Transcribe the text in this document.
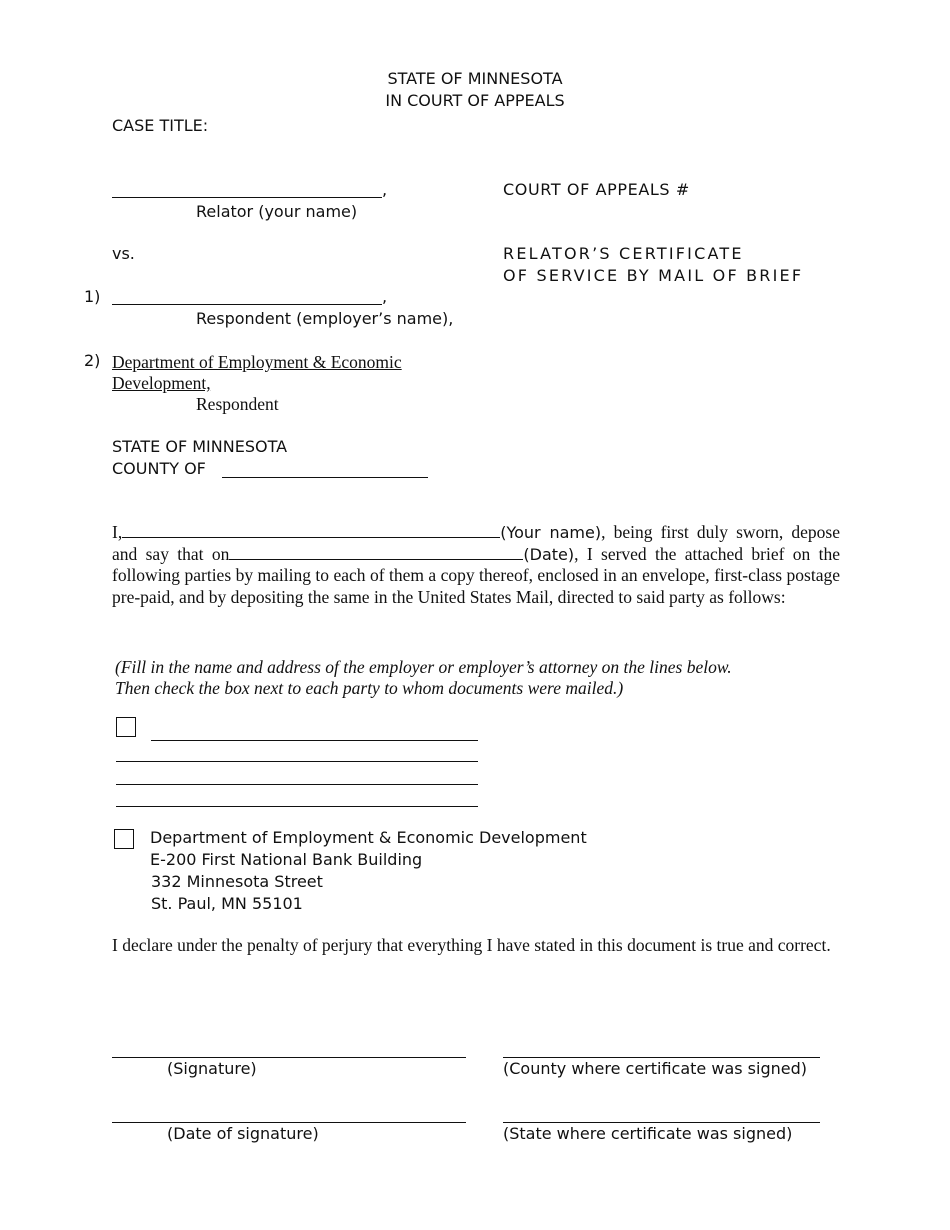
STATE OF MINNESOTA
IN COURT OF APPEALS
CASE TITLE:
,
Relator (your name)
COURT OF APPEALS #
vs.	RELATOR’S CERTIFICATE
OF SERVICE BY MAIL OF BRIEF
1)	,
Respondent (employer’s name),
2) Department of Employment & Economic
Development,
Respondent
STATE OF MINNESOTA
COUNTY OF
I,	(Your name), being first duly sworn, depose
and say that on	(Date), I served the attached brief on the following parties by mailing to each of them a copy thereof, enclosed in an envelope, first-class postage pre-paid, and by depositing the same in the United States Mail, directed to said party as follows:
(Fill in the name and address of the employer or employer’s attorney on the lines below.
Then check the box next to each party to whom documents were mailed.)
Department of Employment & Economic Development
E-200 First National Bank Building
332 Minnesota Street
St. Paul, MN 55101
I declare under the penalty of perjury that everything I have stated in this document is true and correct.
(Signature)	(County where certificate was signed)
(Date of signature)	(State where certificate was signed)
